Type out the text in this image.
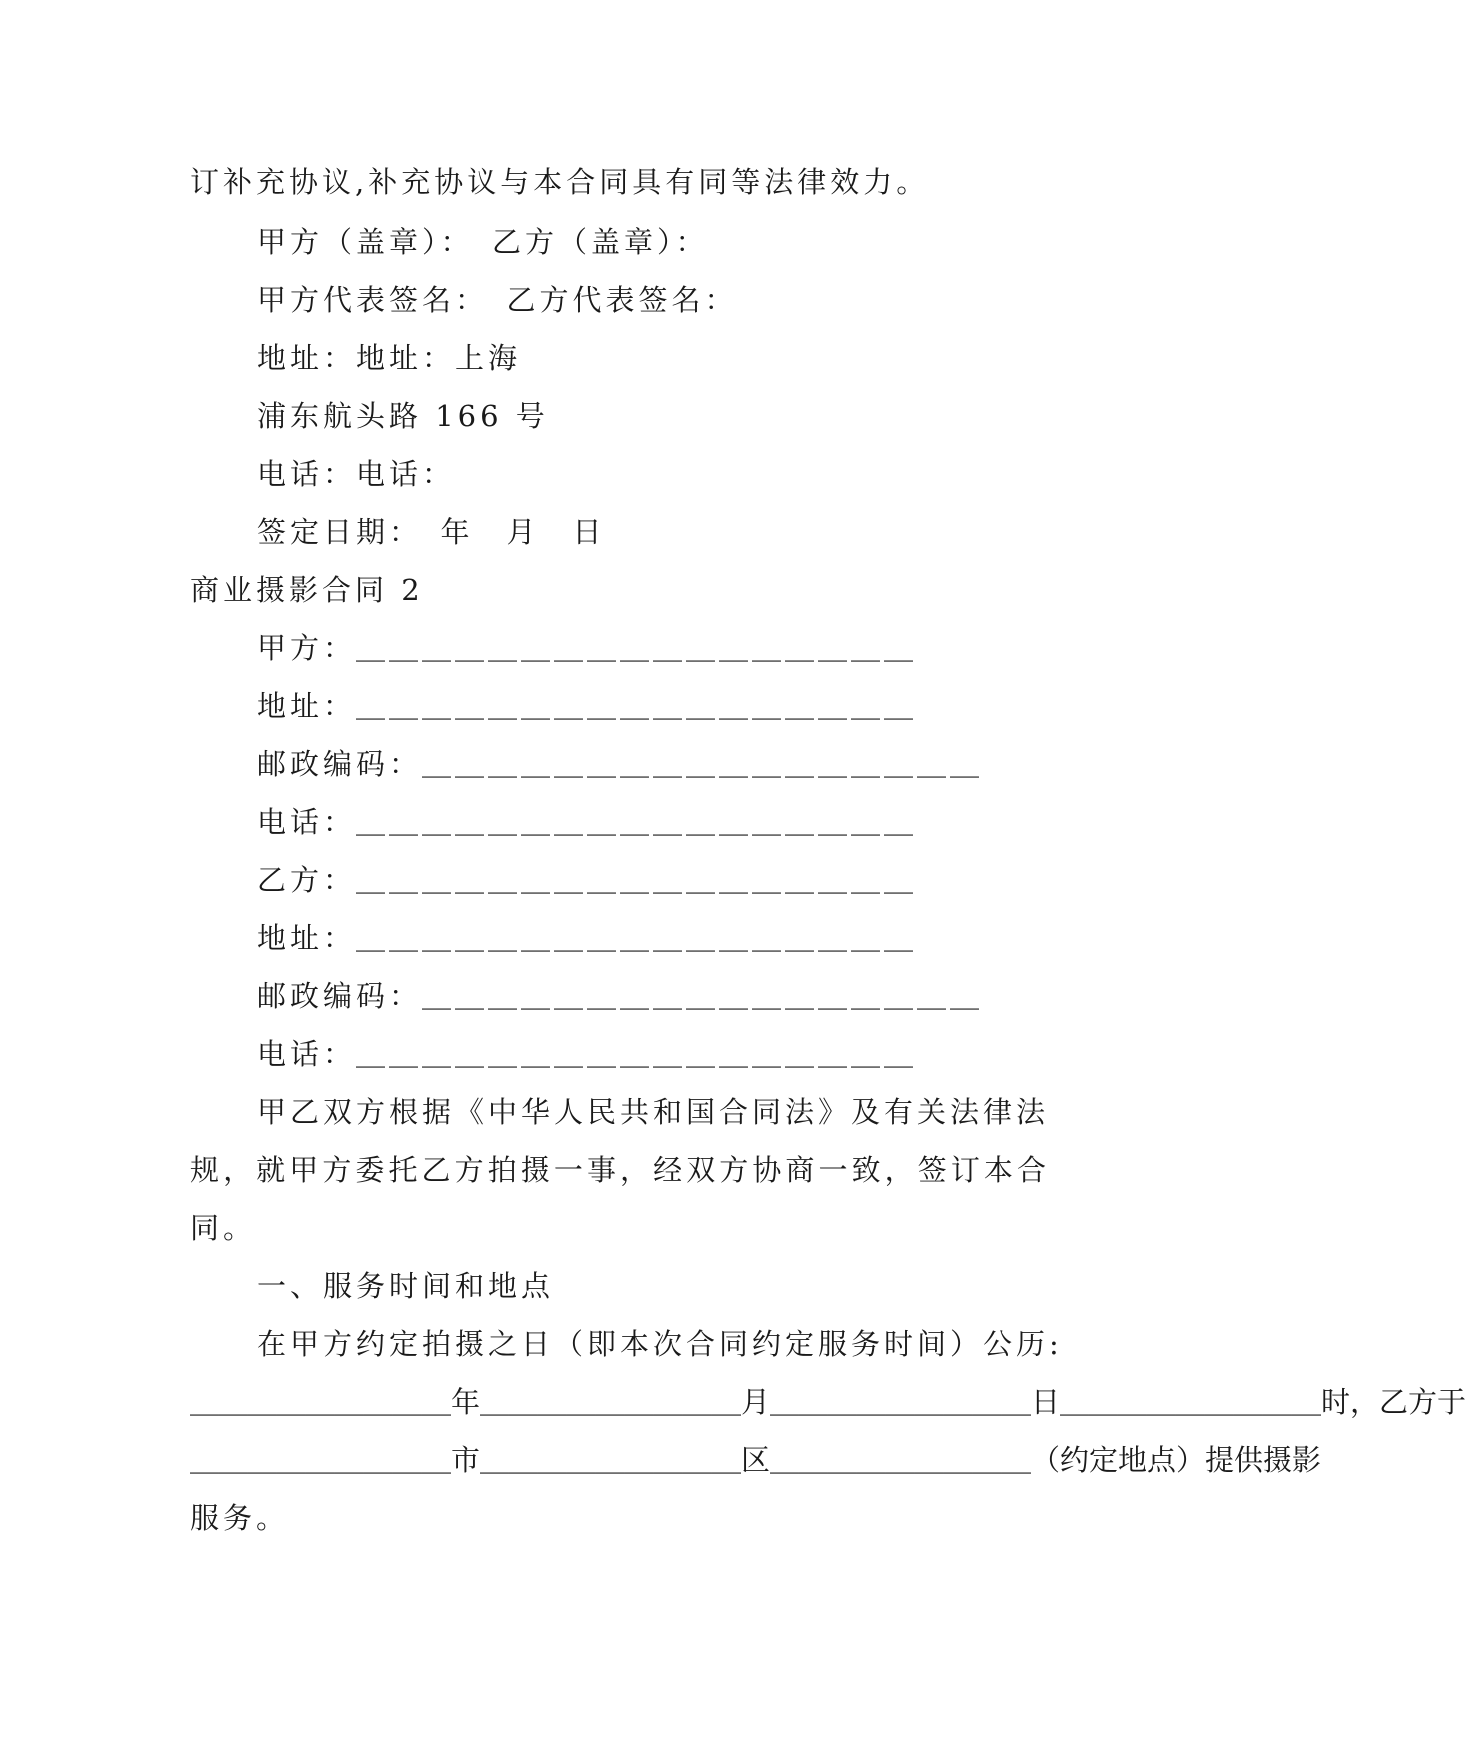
订补充协议,补充协议与本合同具有同等法律效力。
甲方（盖章）：　乙方（盖章）：
甲方代表签名：　乙方代表签名：
地址：地址：上海
浦东航头路 166 号
电话：电话：
签定日期：　年　月　日
商业摄影合同 2
甲方：＿＿＿＿＿＿＿＿＿＿＿＿＿＿＿＿＿
地址：＿＿＿＿＿＿＿＿＿＿＿＿＿＿＿＿＿
邮政编码：＿＿＿＿＿＿＿＿＿＿＿＿＿＿＿＿＿
电话：＿＿＿＿＿＿＿＿＿＿＿＿＿＿＿＿＿
乙方：＿＿＿＿＿＿＿＿＿＿＿＿＿＿＿＿＿
地址：＿＿＿＿＿＿＿＿＿＿＿＿＿＿＿＿＿
邮政编码：＿＿＿＿＿＿＿＿＿＿＿＿＿＿＿＿＿
电话：＿＿＿＿＿＿＿＿＿＿＿＿＿＿＿＿＿
甲乙双方根据《中华人民共和国合同法》及有关法律法
规，就甲方委托乙方拍摄一事，经双方协商一致，签订本合
同。
一、服务时间和地点
在甲方约定拍摄之日（即本次合同约定服务时间）公历:
＿＿＿＿＿＿＿＿＿年＿＿＿＿＿＿＿＿＿月＿＿＿＿＿＿＿＿＿日＿＿＿＿＿＿＿＿＿时，乙方于
＿＿＿＿＿＿＿＿＿市＿＿＿＿＿＿＿＿＿区＿＿＿＿＿＿＿＿＿（约定地点）提供摄影
服务。
